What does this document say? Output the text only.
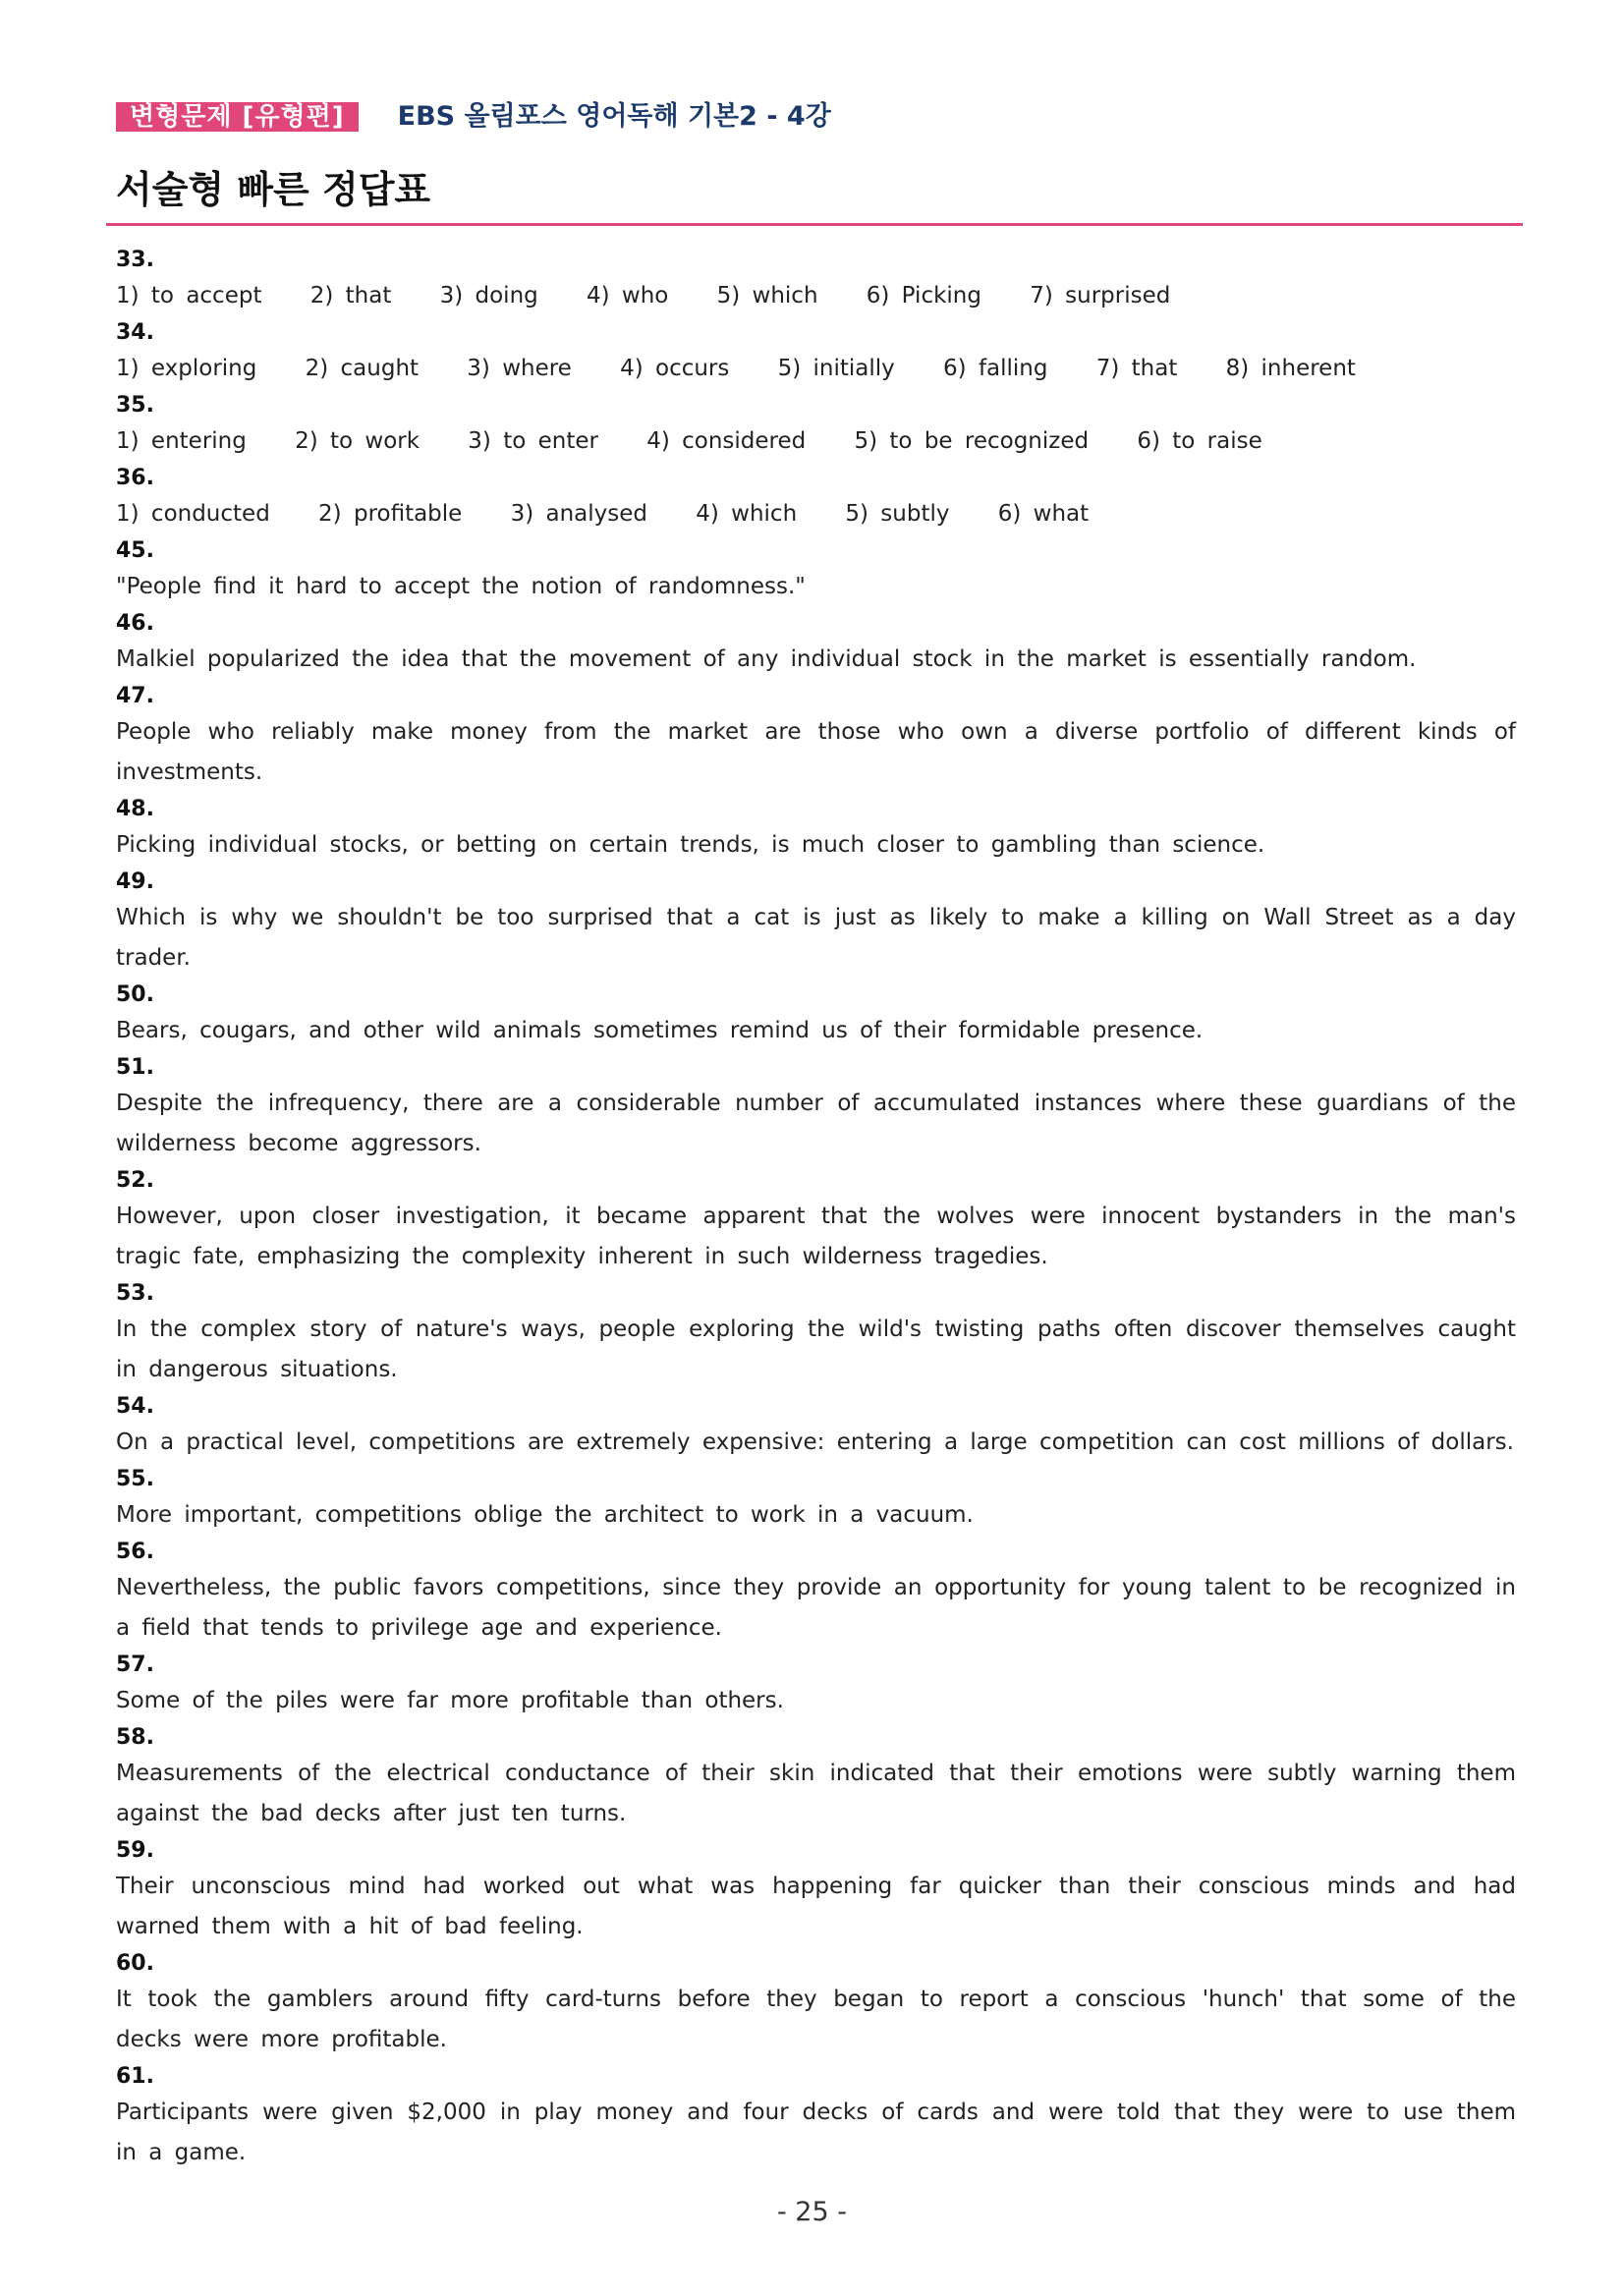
변형문제 [유형편]	EBS 올림포스 영어독해 기본2 - 4강
서술형 빠른 정답표
33.
1) to accept    2) that    3) doing    4) who    5) which    6) Picking    7) surprised
34.
1) exploring    2) caught    3) where    4) occurs    5) initially    6) falling    7) that    8) inherent
35.
1) entering    2) to work    3) to enter    4) considered    5) to be recognized    6) to raise
36.
1) conducted    2) profitable    3) analysed    4) which    5) subtly    6) what
45.
"People find it hard to accept the notion of randomness."
46.
Malkiel popularized the idea that the movement of any individual stock in the market is essentially random.
47.
People who reliably make money from the market are those who own a diverse portfolio of different kinds of investments.
48.
Picking individual stocks, or betting on certain trends, is much closer to gambling than science.
49.
Which is why we shouldn't be too surprised that a cat is just as likely to make a killing on Wall Street as a day trader.
50.
Bears, cougars, and other wild animals sometimes remind us of their formidable presence.
51.
Despite the infrequency, there are a considerable number of accumulated instances where these guardians of the wilderness become aggressors.
52.
However, upon closer investigation, it became apparent that the wolves were innocent bystanders in the man's tragic fate, emphasizing the complexity inherent in such wilderness tragedies.
53.
In the complex story of nature's ways, people exploring the wild's twisting paths often discover themselves caught in dangerous situations.
54.
On a practical level, competitions are extremely expensive: entering a large competition can cost millions of dollars.
55.
More important, competitions oblige the architect to work in a vacuum.
56.
Nevertheless, the public favors competitions, since they provide an opportunity for young talent to be recognized in a field that tends to privilege age and experience.
57.
Some of the piles were far more profitable than others.
58.
Measurements of the electrical conductance of their skin indicated that their emotions were subtly warning them against the bad decks after just ten turns.
59.
Their unconscious mind had worked out what was happening far quicker than their conscious minds and had warned them with a hit of bad feeling.
60.
It took the gamblers around fifty card-turns before they began to report a conscious 'hunch' that some of the decks were more profitable.
61.
Participants were given $2,000 in play money and four decks of cards and were told that they were to use them in a game.
- 25 -
